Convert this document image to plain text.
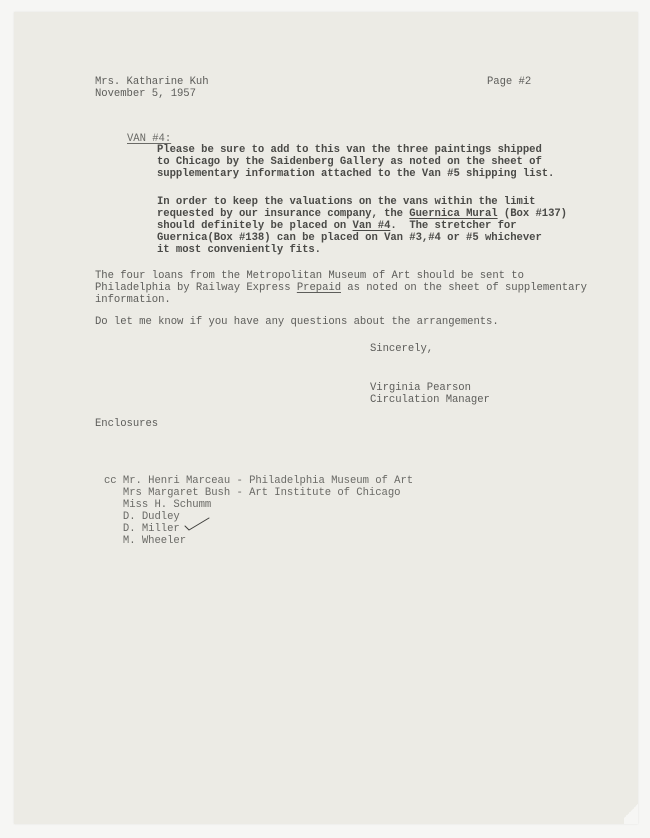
Mrs. Katharine Kuh
November 5, 1957
Page #2
VAN #4:
Please be sure to add to this van the three paintings shipped
to Chicago by the Saidenberg Gallery as noted on the sheet of
supplementary information attached to the Van #5 shipping list.
In order to keep the valuations on the vans within the limit
requested by our insurance company, the Guernica Mural (Box #137)
should definitely be placed on Van #4.  The stretcher for
Guernica(Box #138) can be placed on Van #3,#4 or #5 whichever
it most conveniently fits.
The four loans from the Metropolitan Museum of Art should be sent to
Philadelphia by Railway Express Prepaid as noted on the sheet of supplementary
information.
Do let me know if you have any questions about the arrangements.
Sincerely,
Virginia Pearson
Circulation Manager
Enclosures
cc Mr. Henri Marceau - Philadelphia Museum of Art
Mrs Margaret Bush - Art Institute of Chicago
Miss H. Schumm
D. Dudley
D. Miller
M. Wheeler
